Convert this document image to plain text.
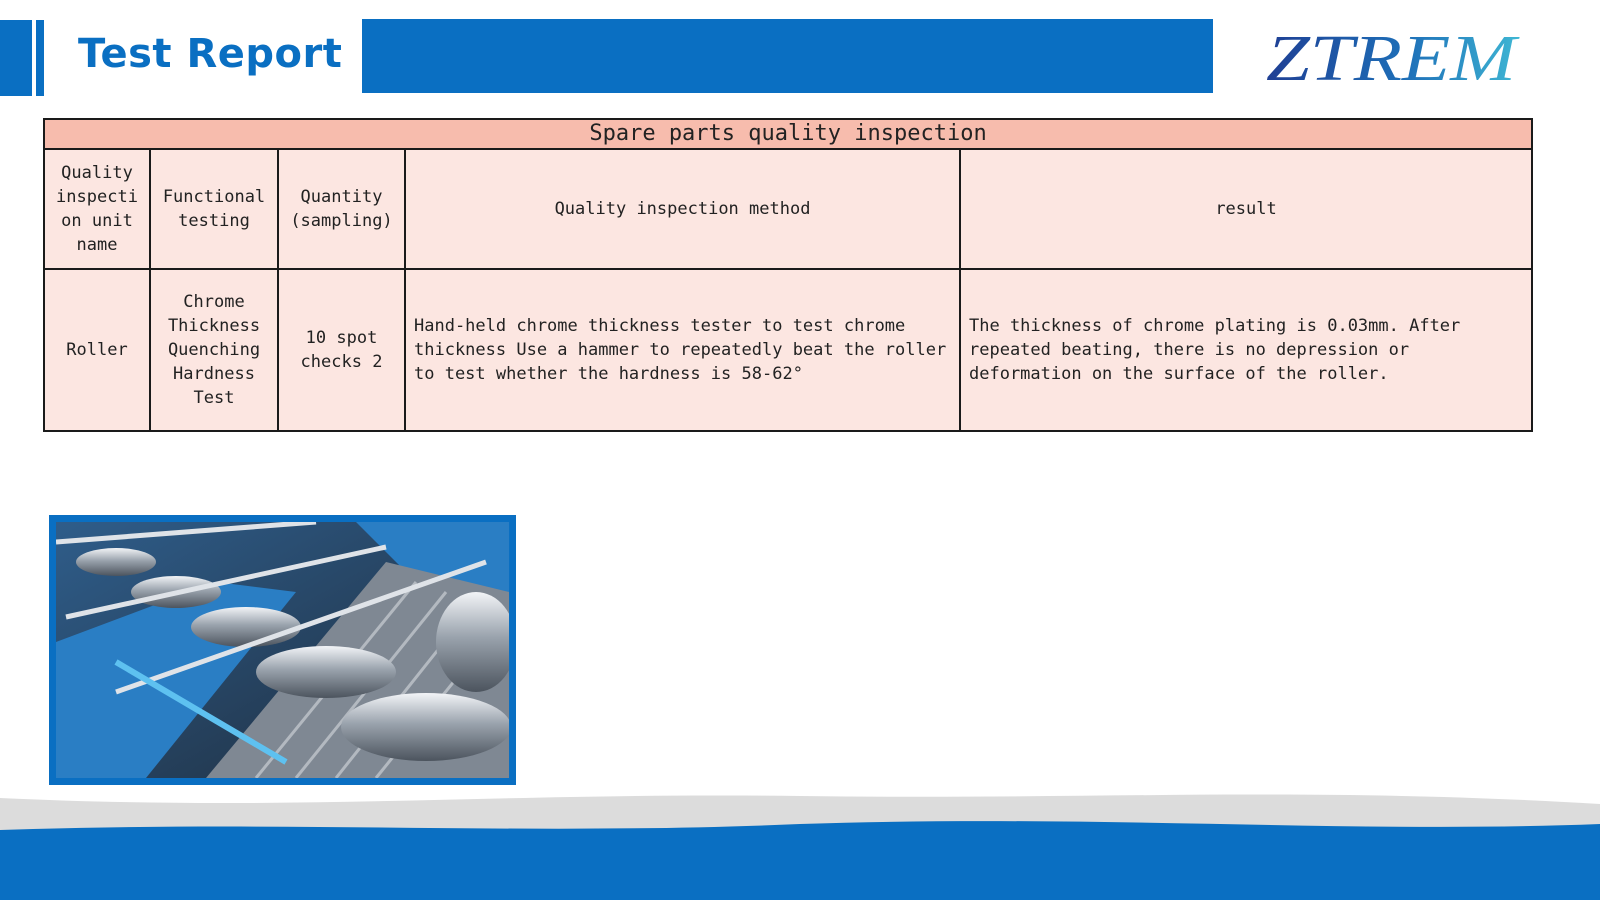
Test Report	ZTREM
Spare parts quality inspection				
Quality inspecti on unit name	Functional testing	Quantity (sampling)	Quality inspection method	result
Roller	Chrome Thickness Quenching Hardness Test	10 spot checks 2	Hand-held chrome thickness tester to test chrome thickness Use a hammer to repeatedly beat the roller to test whether the hardness is 58-62°	The thickness of chrome plating is 0.03mm. After repeated beating, there is no depression or deformation on the surface of the roller.
